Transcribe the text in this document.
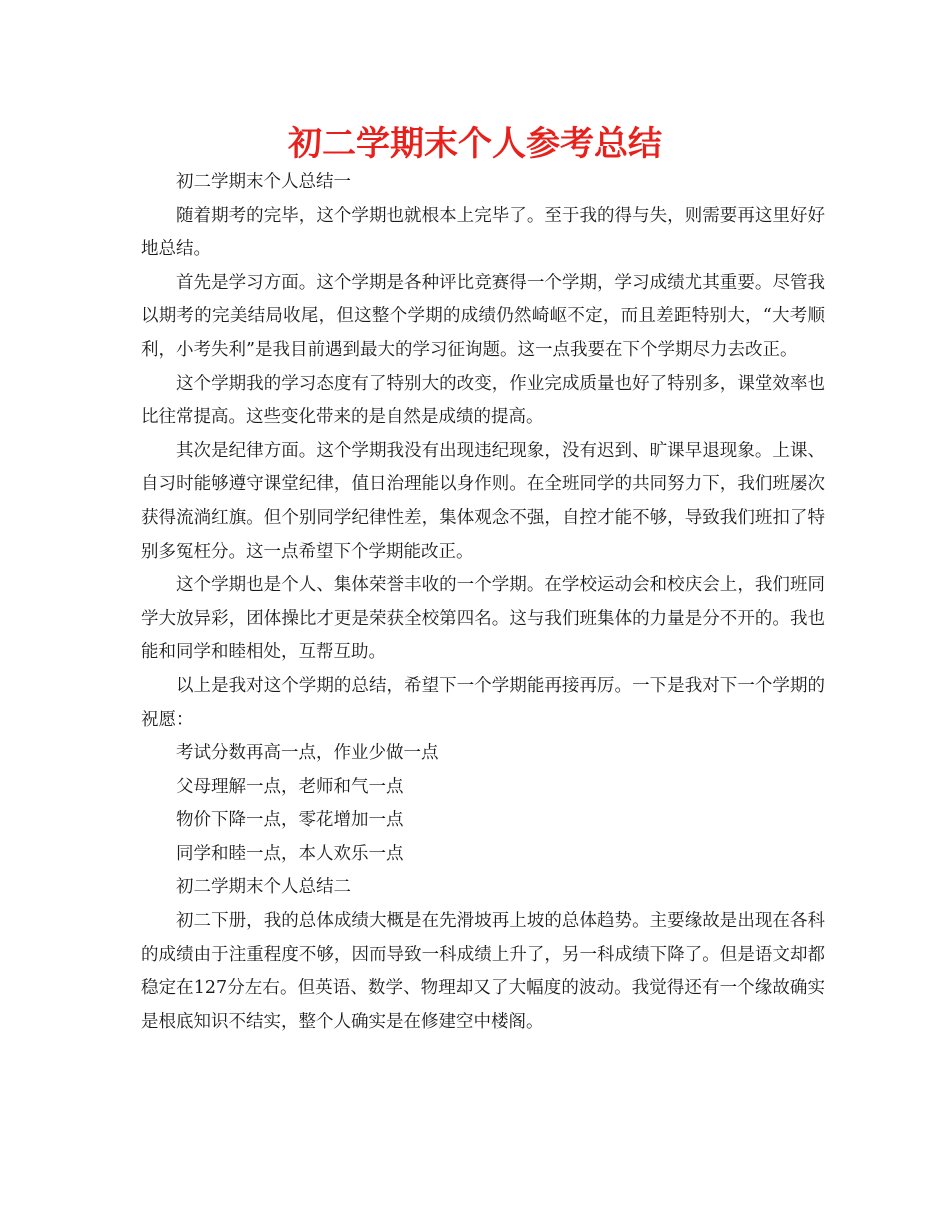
初二学期末个人参考总结

初二学期末个人总结一

随着期考的完毕，这个学期也就根本上完毕了。至于我的得与失，则需要再这里好好地总结。

首先是学习方面。这个学期是各种评比竞赛得一个学期，学习成绩尤其重要。尽管我以期考的完美结局收尾，但这整个学期的成绩仍然崎岖不定，而且差距特别大，“大考顺利，小考失利”是我目前遇到最大的学习征询题。这一点我要在下个学期尽力去改正。

这个学期我的学习态度有了特别大的改变，作业完成质量也好了特别多，课堂效率也比往常提高。这些变化带来的是自然是成绩的提高。

其次是纪律方面。这个学期我没有出现违纪现象，没有迟到、旷课早退现象。上课、自习时能够遵守课堂纪律，值日治理能以身作则。在全班同学的共同努力下，我们班屡次获得流淌红旗。但个别同学纪律性差，集体观念不强，自控才能不够，导致我们班扣了特别多冤枉分。这一点希望下个学期能改正。

这个学期也是个人、集体荣誉丰收的一个学期。在学校运动会和校庆会上，我们班同学大放异彩，团体操比才更是荣获全校第四名。这与我们班集体的力量是分不开的。我也能和同学和睦相处，互帮互助。

以上是我对这个学期的总结，希望下一个学期能再接再厉。一下是我对下一个学期的祝愿：

考试分数再高一点，作业少做一点

父母理解一点，老师和气一点

物价下降一点，零花增加一点

同学和睦一点，本人欢乐一点

初二学期末个人总结二

初二下册，我的总体成绩大概是在先滑坡再上坡的总体趋势。主要缘故是出现在各科的成绩由于注重程度不够，因而导致一科成绩上升了，另一科成绩下降了。但是语文却都稳定在127分左右。但英语、数学、物理却又了大幅度的波动。我觉得还有一个缘故确实是根底知识不结实，整个人确实是在修建空中楼阁。
